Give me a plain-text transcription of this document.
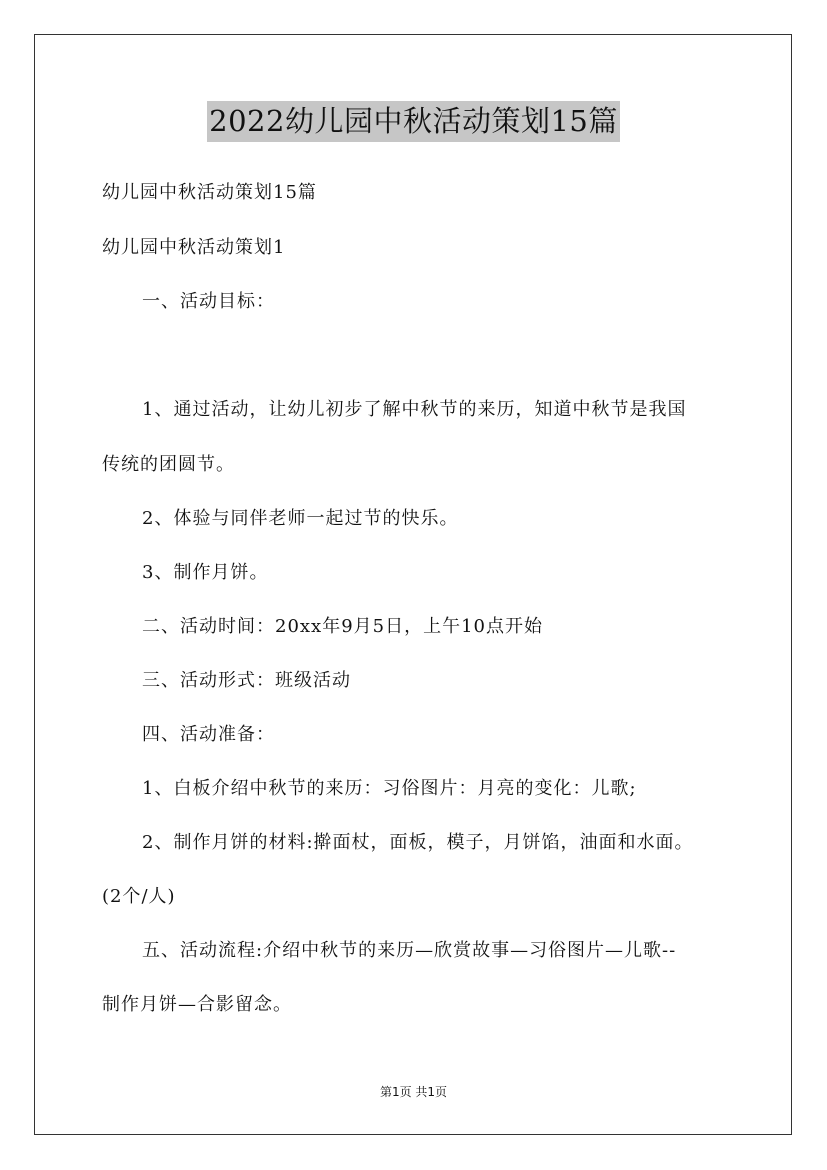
2022幼儿园中秋活动策划15篇
幼儿园中秋活动策划15篇
幼儿园中秋活动策划1
一、活动目标：
1、通过活动，让幼儿初步了解中秋节的来历，知道中秋节是我国
传统的团圆节。
2、体验与同伴老师一起过节的快乐。
3、制作月饼。
二、活动时间：20xx年9月5日，上午10点开始
三、活动形式：班级活动
四、活动准备：
1、白板介绍中秋节的来历：习俗图片：月亮的变化：儿歌;
2、制作月饼的材料:擀面杖，面板，模子，月饼馅，油面和水面。
(2个/人)
五、活动流程:介绍中秋节的来历—欣赏故事—习俗图片—儿歌--
制作月饼—合影留念。
第1页 共1页
